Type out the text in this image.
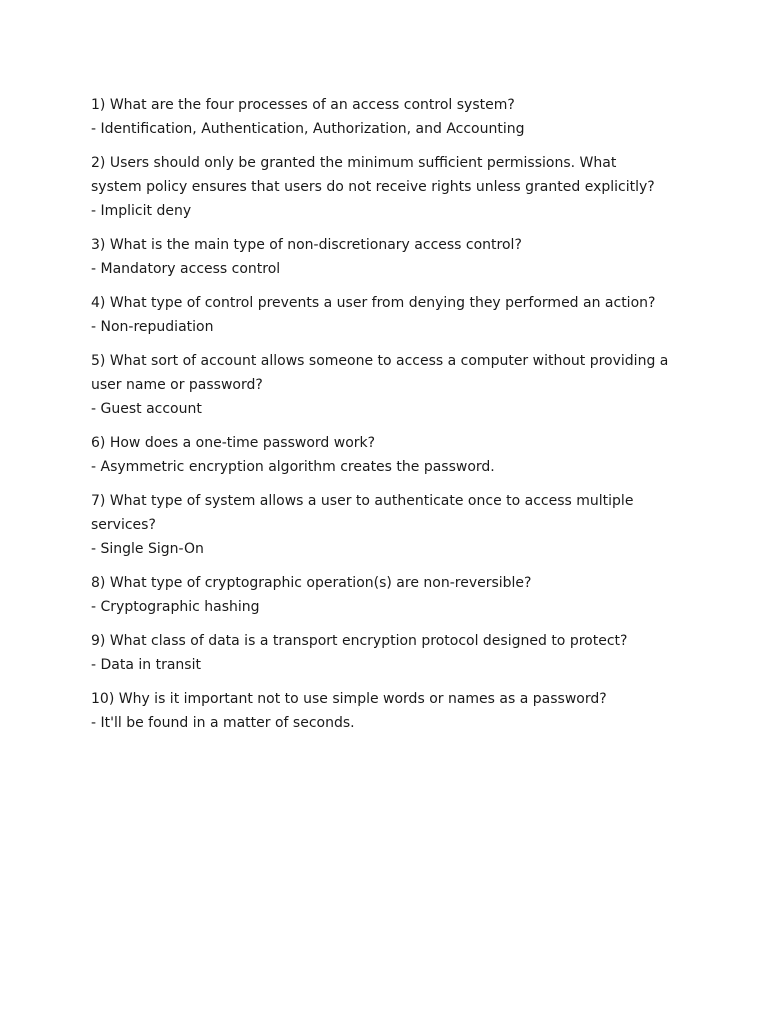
1) What are the four processes of an access control system?
- Identification, Authentication, Authorization, and Accounting
2) Users should only be granted the minimum sufficient permissions. What
system policy ensures that users do not receive rights unless granted explicitly?
- Implicit deny
3) What is the main type of non-discretionary access control?
- Mandatory access control
4) What type of control prevents a user from denying they performed an action?
- Non-repudiation
5) What sort of account allows someone to access a computer without providing a
user name or password?
- Guest account
6) How does a one-time password work?
- Asymmetric encryption algorithm creates the password.
7) What type of system allows a user to authenticate once to access multiple
services?
- Single Sign-On
8) What type of cryptographic operation(s) are non-reversible?
- Cryptographic hashing
9) What class of data is a transport encryption protocol designed to protect?
- Data in transit
10) Why is it important not to use simple words or names as a password?
- It'll be found in a matter of seconds.
